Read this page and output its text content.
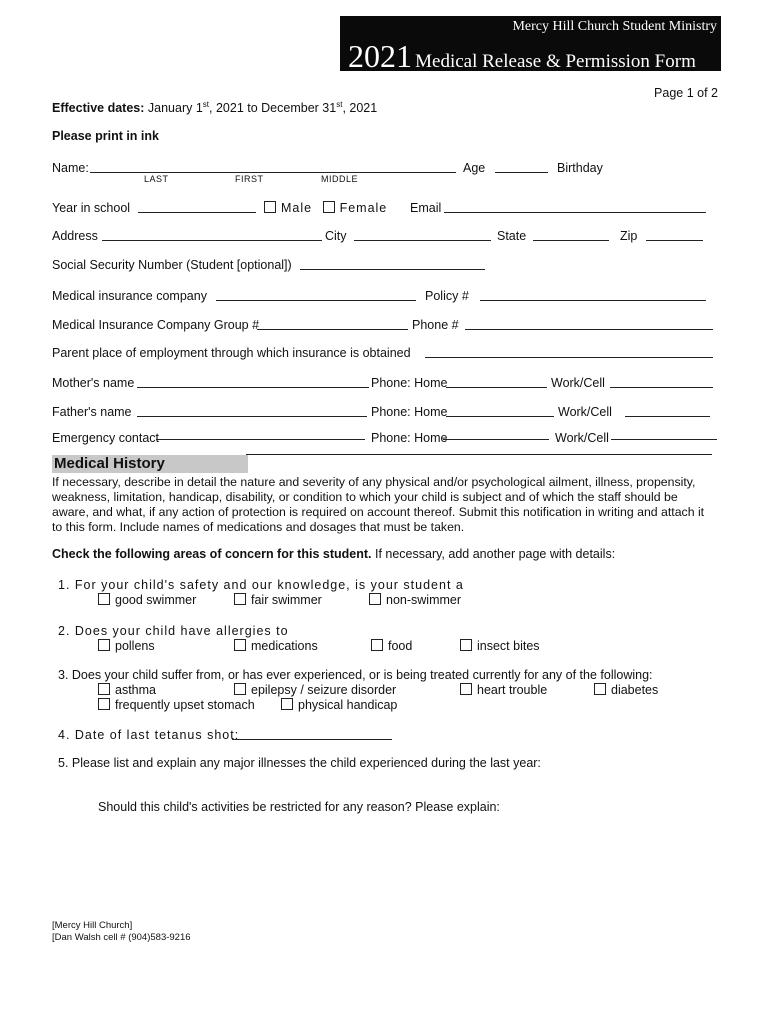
Mercy Hill Church Student Ministry
2021 Medical Release & Permission Form
Page 1 of 2
Effective dates: January 1st, 2021 to December 31st, 2021
Please print in ink
Name:
LAST	FIRST	MIDDLE
Age	Birthday
Year in school	Male Female Email
Address	City	State	Zip
Social Security Number (Student [optional])
Medical insurance company	Policy #
Medical Insurance Company Group #	Phone #
Parent place of employment through which insurance is obtained
Mother's name	Phone: Home	Work/Cell
Father's name	Phone: Home	Work/Cell
Emergency contact	Phone: Home	Work/Cell
Medical History
If necessary, describe in detail the nature and severity of any physical and/or psychological ailment, illness, propensity, weakness, limitation, handicap, disability, or condition to which your child is subject and of which the staff should be aware, and what, if any action of protection is required on account thereof. Submit this notification in writing and attach it to this form. Include names of medications and dosages that must be taken.
Check the following areas of concern for this student. If necessary, add another page with details:
1. For your child's safety and our knowledge, is your student a
good swimmer	fair swimmer	non-swimmer
2. Does your child have allergies to
pollens	medications	food	insect bites
3. Does your child suffer from, or has ever experienced, or is being treated currently for any of the following:
asthma	epilepsy / seizure disorder	heart trouble	diabetes
frequently upset stomach	physical handicap
4. Date of last tetanus shot:
5. Please list and explain any major illnesses the child experienced during the last year:
Should this child's activities be restricted for any reason? Please explain:
[Mercy Hill Church]
[Dan Walsh cell # (904)583-9216
